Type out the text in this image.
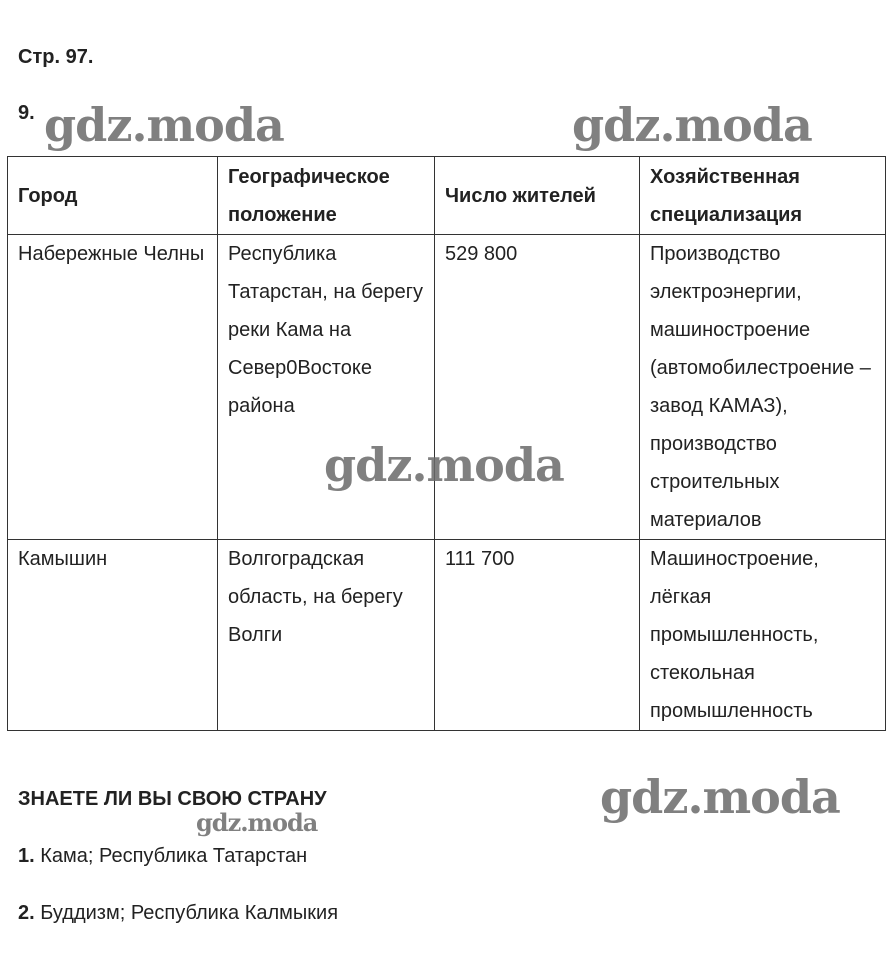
Стр. 97.
9.
Город	Географическое положение	Число жителей	Хозяйственная специализация
Набережные Челны	Республика Татарстан, на берегу реки Кама на Север0Востоке района	529 800	Производство электроэнергии, машиностроение (автомобилестроение – завод КАМАЗ), производство строительных материалов
Камышин	Волгоградская область, на берегу Волги	111 700	Машиностроение, лёгкая промышленность, стекольная промышленность
ЗНАЕТЕ ЛИ ВЫ СВОЮ СТРАНУ
1. Кама; Республика Татарстан
2. Буддизм; Республика Калмыкия
gdz.moda	gdz.moda
gdz.moda
gdz.moda
gdz.moda
